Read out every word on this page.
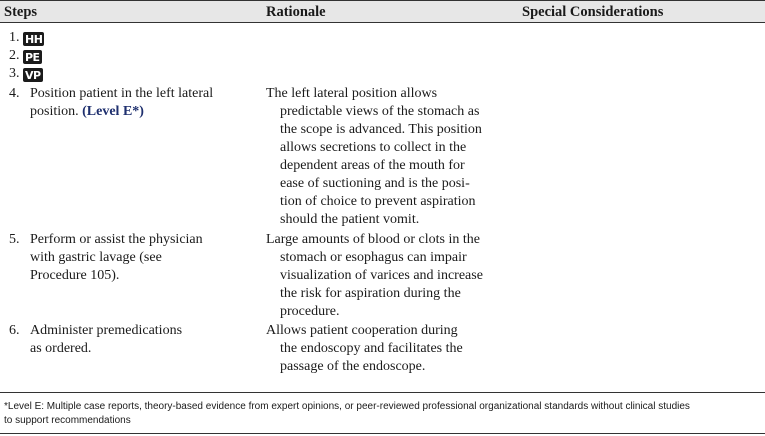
Steps	Rationale	Special Considerations
1. HH
2. PE
3. VP
4. Position patient in the left lateral
position. (Level E*)
The left lateral position allows
predictable views of the stomach as
the scope is advanced. This position
allows secretions to collect in the
dependent areas of the mouth for
ease of suctioning and is the posi-
tion of choice to prevent aspiration
should the patient vomit.
5. Perform or assist the physician
with gastric lavage (see
Procedure 105).
Large amounts of blood or clots in the
stomach or esophagus can impair
visualization of varices and increase
the risk for aspiration during the
procedure.
6. Administer premedications
as ordered.
Allows patient cooperation during
the endoscopy and facilitates the
passage of the endoscope.
*Level E: Multiple case reports, theory-based evidence from expert opinions, or peer-reviewed professional organizational standards without clinical studies
to support recommendations
